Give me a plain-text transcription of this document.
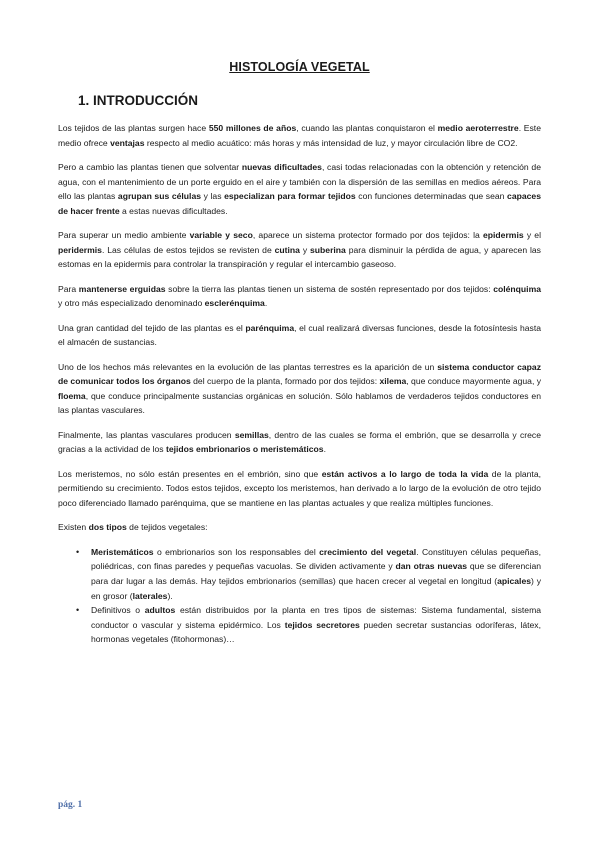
HISTOLOGÍA VEGETAL
1. INTRODUCCIÓN

Los tejidos de las plantas surgen hace 550 millones de años, cuando las plantas conquistaron el medio aeroterrestre. Este medio ofrece ventajas respecto al medio acuático: más horas y más intensidad de luz, y mayor circulación libre de CO2.

Pero a cambio las plantas tienen que solventar nuevas dificultades, casi todas relacionadas con la obtención y retención de agua, con el mantenimiento de un porte erguido en el aire y también con la dispersión de las semillas en medios aéreos. Para ello las plantas agrupan sus células y las especializan para formar tejidos con funciones determinadas que sean capaces de hacer frente a estas nuevas dificultades.

Para superar un medio ambiente variable y seco, aparece un sistema protector formado por dos tejidos: la epidermis y el peridermis. Las células de estos tejidos se revisten de cutina y suberina para disminuir la pérdida de agua, y aparecen las estomas en la epidermis para controlar la transpiración y regular el intercambio gaseoso.

Para mantenerse erguidas sobre la tierra las plantas tienen un sistema de sostén representado por dos tejidos: colénquima y otro más especializado denominado esclerénquima.

Una gran cantidad del tejido de las plantas es el parénquima, el cual realizará diversas funciones, desde la fotosíntesis hasta el almacén de sustancias.

Uno de los hechos más relevantes en la evolución de las plantas terrestres es la aparición de un sistema conductor capaz de comunicar todos los órganos del cuerpo de la planta, formado por dos tejidos: xilema, que conduce mayormente agua, y floema, que conduce principalmente sustancias orgánicas en solución. Sólo hablamos de verdaderos tejidos conductores en las plantas vasculares.

Finalmente, las plantas vasculares producen semillas, dentro de las cuales se forma el embrión, que se desarrolla y crece gracias a la actividad de los tejidos embrionarios o meristemáticos.

Los meristemos, no sólo están presentes en el embrión, sino que están activos a lo largo de toda la vida de la planta, permitiendo su crecimiento. Todos estos tejidos, excepto los meristemos, han derivado a lo largo de la evolución de otro tejido poco diferenciado llamado parénquima, que se mantiene en las plantas actuales y que realiza múltiples funciones.

Existen dos tipos de tejidos vegetales:

• Meristemáticos o embrionarios son los responsables del crecimiento del vegetal. Constituyen células pequeñas, poliédricas, con finas paredes y pequeñas vacuolas. Se dividen activamente y dan otras nuevas que se diferencian para dar lugar a las demás. Hay tejidos embrionarios (semillas) que hacen crecer al vegetal en longitud (apicales) y en grosor (laterales).
• Definitivos o adultos están distribuidos por la planta en tres tipos de sistemas: Sistema fundamental, sistema conductor o vascular y sistema epidérmico. Los tejidos secretores pueden secretar sustancias odoríferas, látex, hormonas vegetales (fitohormonas)…
pág. 1
